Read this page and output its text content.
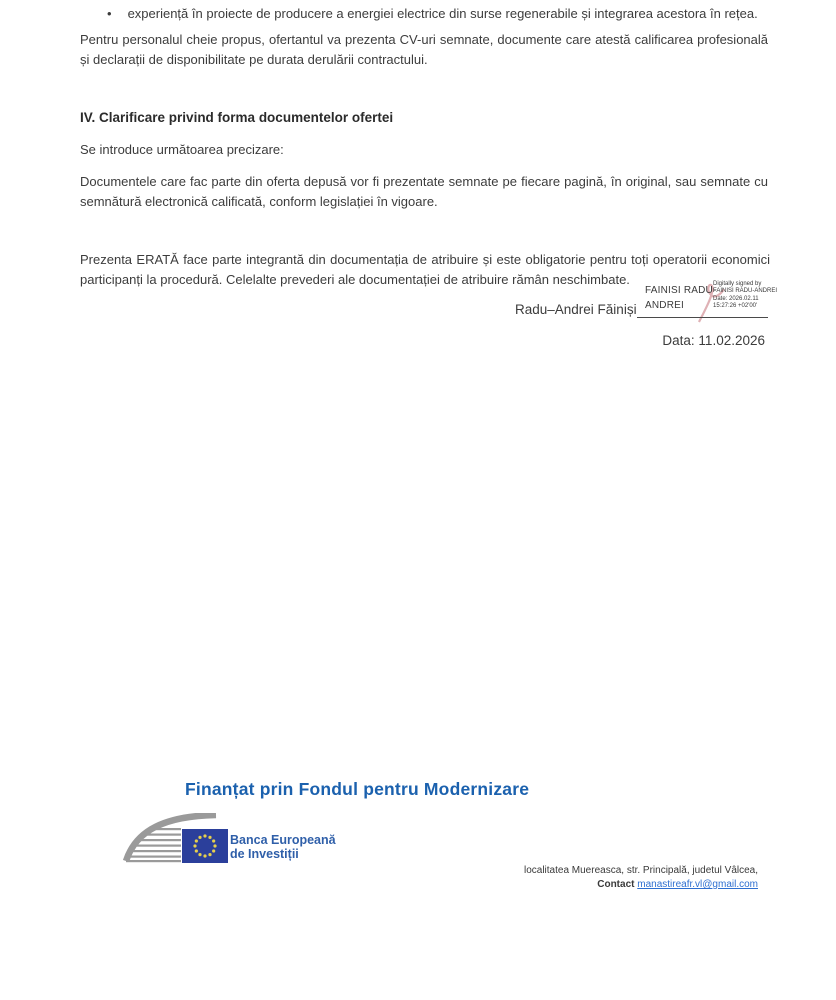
• experiență în proiecte de producere a energiei electrice din surse regenerabile și integrarea acestora în rețea.

Pentru personalul cheie propus, ofertantul va prezenta CV-uri semnate, documente care atestă calificarea profesională și declarații de disponibilitate pe durata derulării contractului.

IV. Clarificare privind forma documentelor ofertei

Se introduce următoarea precizare:

Documentele care fac parte din oferta depusă vor fi prezentate semnate pe fiecare pagină, în original, sau semnate cu semnătură electronică calificată, conform legislației în vigoare.

Prezenta ERATĂ face parte integrantă din documentația de atribuire și este obligatorie pentru toți operatorii economici participanți la procedură. Celelalte prevederi ale documentației de atribuire rămân neschimbate.

FAINISI RADU-
ANDREI
Digitally signed by
FAINISI RADU-ANDREI
Date: 2026.02.11
15:27:26 +02'00'
Radu–Andrei Făiniși
Data: 11.02.2026
Finanțat prin Fondul pentru Modernizare
Banca Europeană
de Investiții
localitatea Muereasca, str. Principală, judetul Vâlcea,
Contact manastireafr.vl@gmail.com
